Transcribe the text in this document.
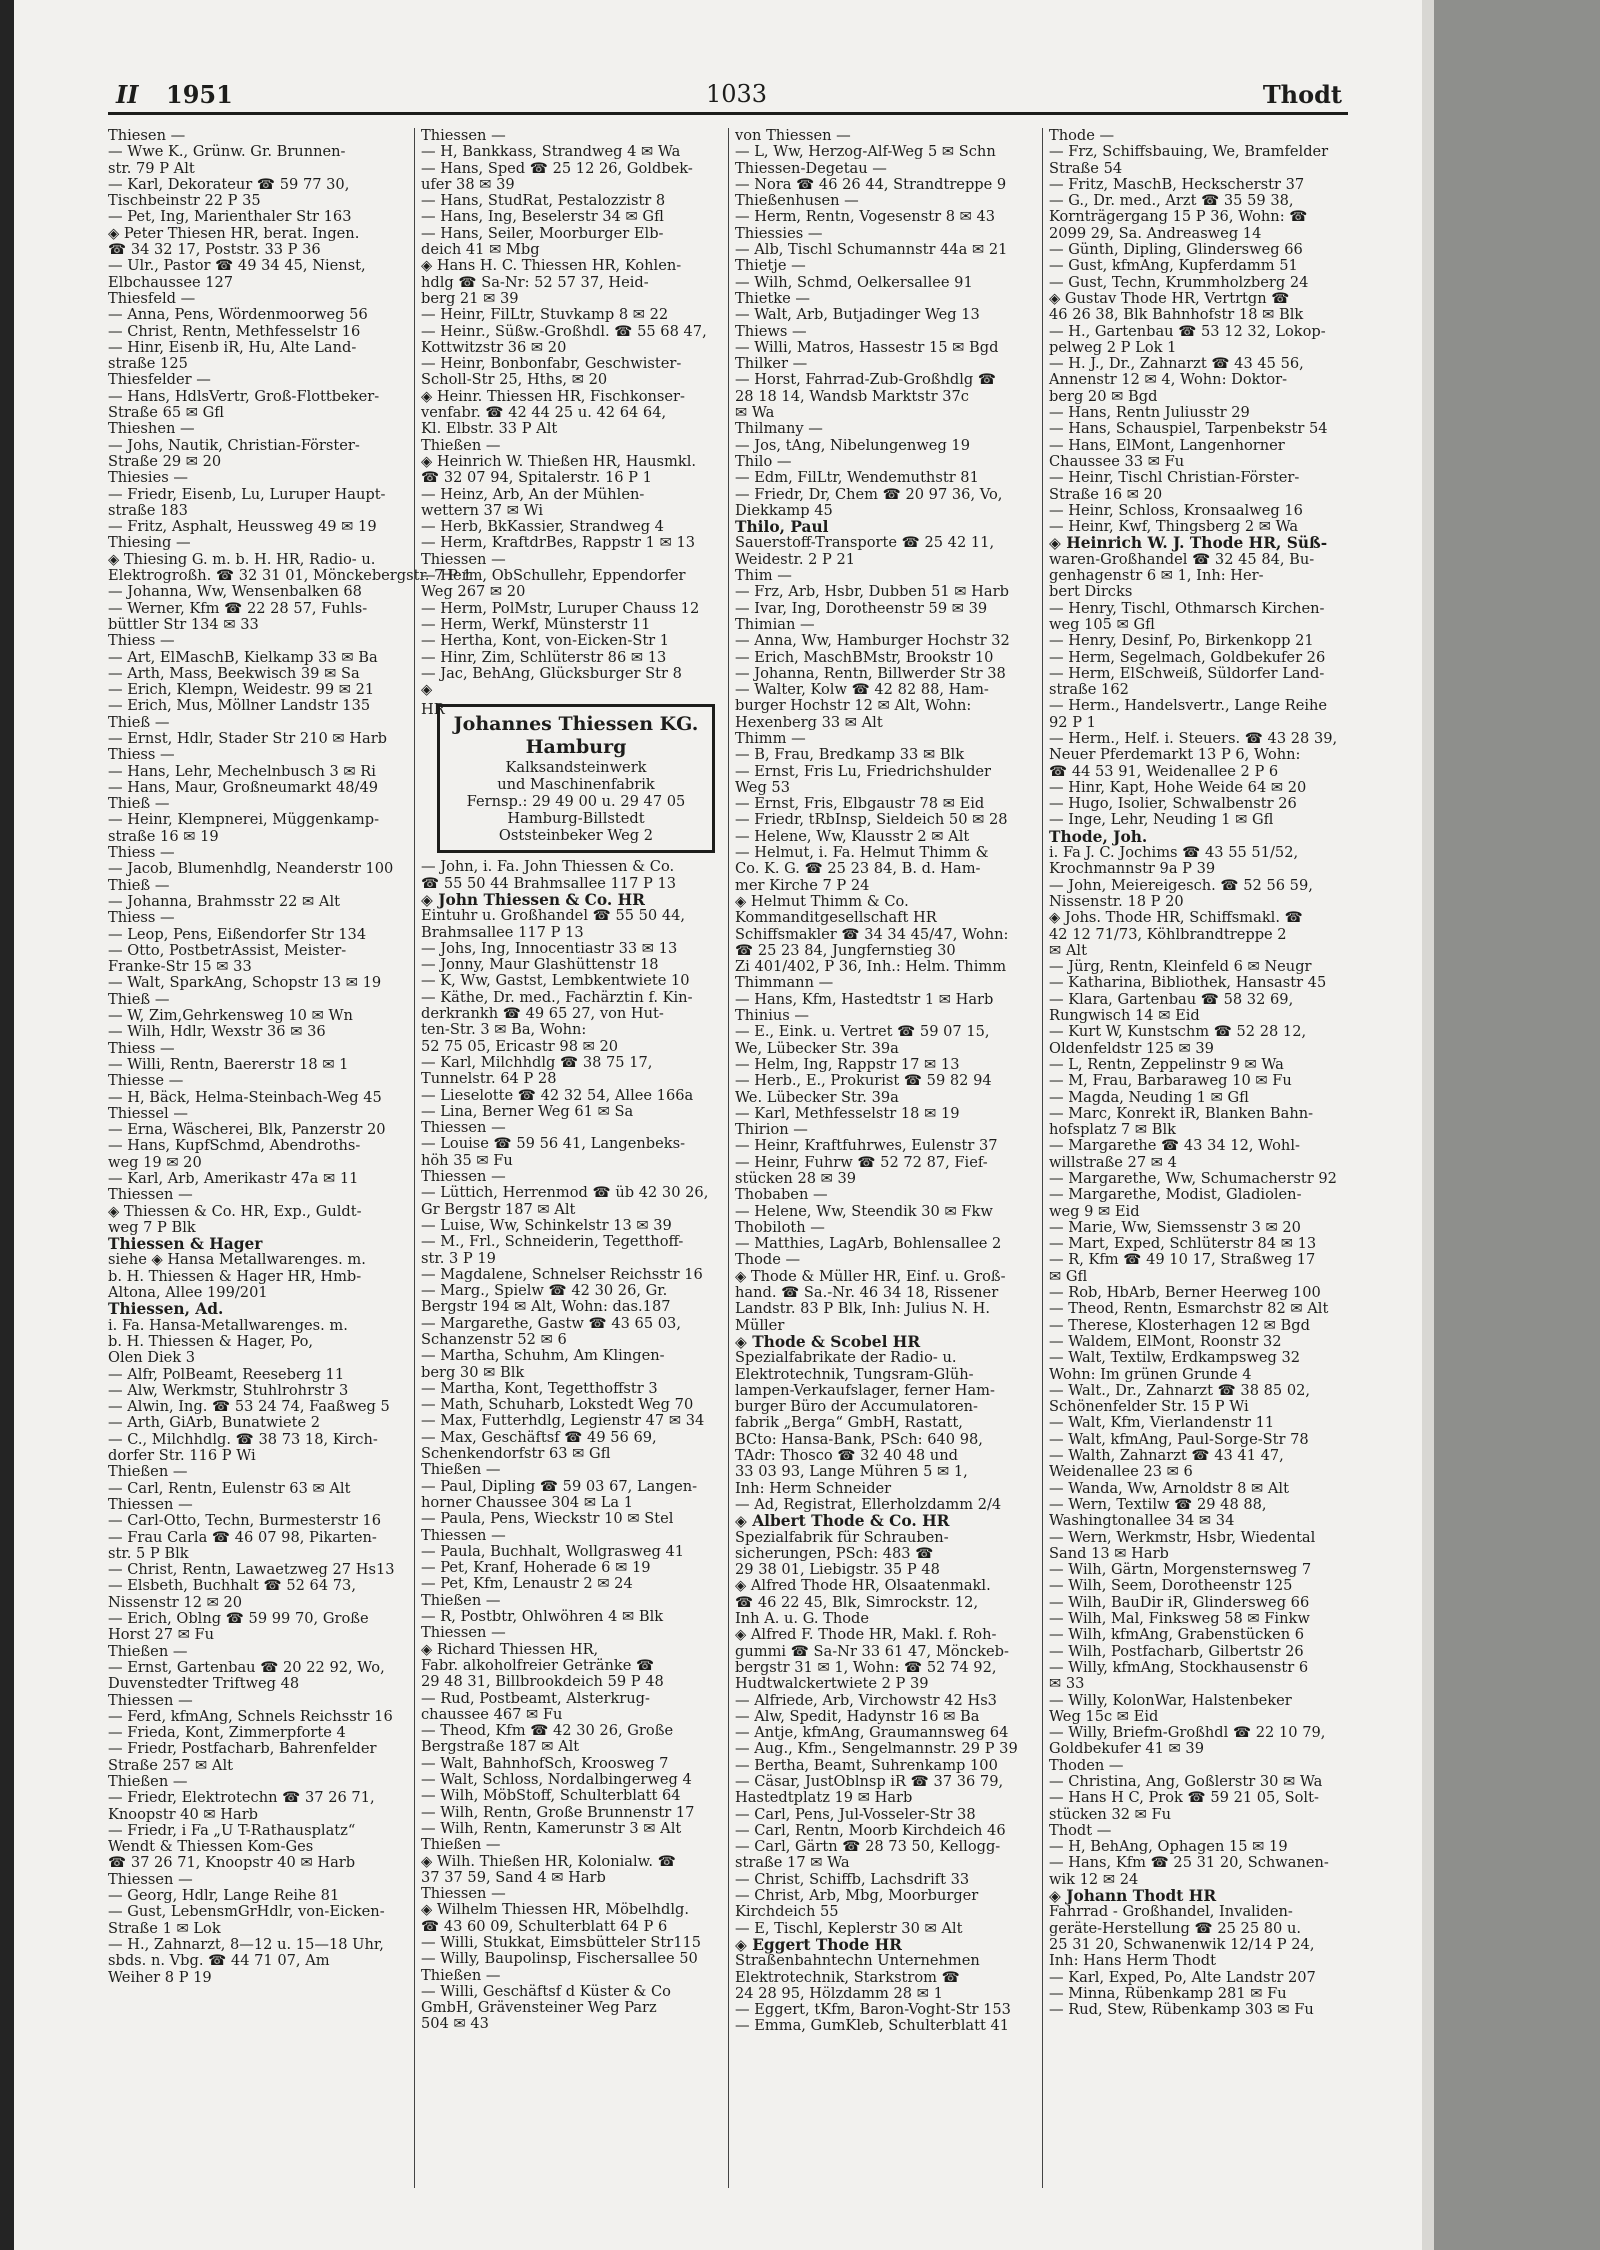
II 1951	1033	Thodt
Thiesen —
— Wwe K., Grünw. Gr. Brunnen-
str. 79 P Alt
— Karl, Dekorateur ☎ 59 77 30,
Tischbeinstr 22 P 35
— Pet, Ing, Marienthaler Str 163
◈ Peter Thiesen HR, berat. Ingen.
☎ 34 32 17, Poststr. 33 P 36
— Ulr., Pastor ☎ 49 34 45, Nienst,
Elbchaussee 127
Thiesfeld —
— Anna, Pens, Wördenmoorweg 56
— Christ, Rentn, Methfesselstr 16
— Hinr, Eisenb iR, Hu, Alte Land-
straße 125
Thiesfelder —
— Hans, HdlsVertr, Groß-Flottbeker-
Straße 65 ✉ Gfl
Thieshen —
— Johs, Nautik, Christian-Förster-
Straße 29 ✉ 20
Thiesies —
— Friedr, Eisenb, Lu, Luruper Haupt-
straße 183
— Fritz, Asphalt, Heussweg 49 ✉ 19
Thiesing —
◈ Thiesing G. m. b. H. HR, Radio- u.
Elektrogroßh. ☎ 32 31 01, Mönckebergstr. 7 P 1
— Johanna, Ww, Wensenbalken 68
— Werner, Kfm ☎ 22 28 57, Fuhls-
büttler Str 134 ✉ 33
Thiess —
— Art, ElMaschB, Kielkamp 33 ✉ Ba
— Arth, Mass, Beekwisch 39 ✉ Sa
— Erich, Klempn, Weidestr. 99 ✉ 21
— Erich, Mus, Möllner Landstr 135
Thieß —
— Ernst, Hdlr, Stader Str 210 ✉ Harb
Thiess —
— Hans, Lehr, Mechelnbusch 3 ✉ Ri
— Hans, Maur, Großneumarkt 48/49
Thieß —
— Heinr, Klempnerei, Müggenkamp-
straße 16 ✉ 19
Thiess —
— Jacob, Blumenhdlg, Neanderstr 100
Thieß —
— Johanna, Brahmsstr 22 ✉ Alt
Thiess —
— Leop, Pens, Eißendorfer Str 134
— Otto, PostbetrAssist, Meister-
Franke-Str 15 ✉ 33
— Walt, SparkAng, Schopstr 13 ✉ 19
Thieß —
— W, Zim,Gehrkensweg 10 ✉ Wn
— Wilh, Hdlr, Wexstr 36 ✉ 36
Thiess —
— Willi, Rentn, Baererstr 18 ✉ 1
Thiesse —
— H, Bäck, Helma-Steinbach-Weg 45
Thiessel —
— Erna, Wäscherei, Blk, Panzerstr 20
— Hans, KupfSchmd, Abendroths-
weg 19 ✉ 20
— Karl, Arb, Amerikastr 47a ✉ 11
Thiessen —
◈ Thiessen & Co. HR, Exp., Guldt-
weg 7 P Blk
Thiessen & Hager
siehe ◈ Hansa Metallwarenges. m.
b. H. Thiessen & Hager HR, Hmb-
Altona, Allee 199/201
Thiessen, Ad.
i. Fa. Hansa-Metallwarenges. m.
b. H. Thiessen & Hager, Po,
Olen Diek 3
— Alfr, PolBeamt, Reeseberg 11
— Alw, Werkmstr, Stuhlrohrstr 3
— Alwin, Ing. ☎ 53 24 74, Faaßweg 5
— Arth, GiArb, Bunatwiete 2
— C., Milchhdlg. ☎ 38 73 18, Kirch-
dorfer Str. 116 P Wi
Thießen —
— Carl, Rentn, Eulenstr 63 ✉ Alt
Thiessen —
— Carl-Otto, Techn, Burmesterstr 16
— Frau Carla ☎ 46 07 98, Pikarten-
str. 5 P Blk
— Christ, Rentn, Lawaetzweg 27 Hs13
— Elsbeth, Buchhalt ☎ 52 64 73,
Nissenstr 12 ✉ 20
— Erich, Oblng ☎ 59 99 70, Große
Horst 27 ✉ Fu
Thießen —
— Ernst, Gartenbau ☎ 20 22 92, Wo,
Duvenstedter Triftweg 48
Thiessen —
— Ferd, kfmAng, Schnels Reichsstr 16
— Frieda, Kont, Zimmerpforte 4
— Friedr, Postfacharb, Bahrenfelder
Straße 257 ✉ Alt
Thießen —
— Friedr, Elektrotechn ☎ 37 26 71,
Knoopstr 40 ✉ Harb
— Friedr, i Fa „U T-Rathausplatz“
Wendt & Thiessen Kom-Ges
☎ 37 26 71, Knoopstr 40 ✉ Harb
Thiessen —
— Georg, Hdlr, Lange Reihe 81
— Gust, LebensmGrHdlr, von-Eicken-
Straße 1 ✉ Lok
— H., Zahnarzt, 8—12 u. 15—18 Uhr,
sbds. n. Vbg. ☎ 44 71 07, Am
Weiher 8 P 19
Thiessen —
— H, Bankkass, Strandweg 4 ✉ Wa
— Hans, Sped ☎ 25 12 26, Goldbek-
ufer 38 ✉ 39
— Hans, StudRat, Pestalozzistr 8
— Hans, Ing, Beselerstr 34 ✉ Gfl
— Hans, Seiler, Moorburger Elb-
deich 41 ✉ Mbg
◈ Hans H. C. Thiessen HR, Kohlen-
hdlg ☎ Sa-Nr: 52 57 37, Heid-
berg 21 ✉ 39
— Heinr, FilLtr, Stuvkamp 8 ✉ 22
— Heinr., Süßw.-Großhdl. ☎ 55 68 47,
Kottwitzstr 36 ✉ 20
— Heinr, Bonbonfabr, Geschwister-
Scholl-Str 25, Hths, ✉ 20
◈ Heinr. Thiessen HR, Fischkonser-
venfabr. ☎ 42 44 25 u. 42 64 64,
Kl. Elbstr. 33 P Alt
Thießen —
◈ Heinrich W. Thießen HR, Hausmkl.
☎ 32 07 94, Spitalerstr. 16 P 1
— Heinz, Arb, An der Mühlen-
wettern 37 ✉ Wi
— Herb, BkKassier, Strandweg 4
— Herm, KraftdrBes, Rappstr 1 ✉ 13
Thiessen —
— Herm, ObSchullehr, Eppendorfer
Weg 267 ✉ 20
— Herm, PolMstr, Luruper Chauss 12
— Herm, Werkf, Münsterstr 11
— Hertha, Kont, von-Eicken-Str 1
— Hinr, Zim, Schlüterstr 86 ✉ 13
— Jac, BehAng, Glücksburger Str 8
◈
HR
Johannes Thiessen KG.
Hamburg
Kalksandsteinwerk
und Maschinenfabrik
Fernsp.: 29 49 00 u. 29 47 05
Hamburg-Billstedt
Oststeinbeker Weg 2
— John, i. Fa. John Thiessen & Co.
☎ 55 50 44 Brahmsallee 117 P 13
◈ John Thiessen & Co. HR
Eintuhr u. Großhandel ☎ 55 50 44,
Brahmsallee 117 P 13
— Johs, Ing, Innocentiastr 33 ✉ 13
— Jonny, Maur Glashüttenstr 18
— K, Ww, Gastst, Lembkentwiete 10
— Käthe, Dr. med., Fachärztin f. Kin-
derkrankh ☎ 49 65 27, von Hut-
ten-Str. 3 ✉ Ba, Wohn:
52 75 05, Ericastr 98 ✉ 20
— Karl, Milchhdlg ☎ 38 75 17,
Tunnelstr. 64 P 28
— Lieselotte ☎ 42 32 54, Allee 166a
— Lina, Berner Weg 61 ✉ Sa
Thiessen —
— Louise ☎ 59 56 41, Langenbeks-
höh 35 ✉ Fu
Thiessen —
— Lüttich, Herrenmod ☎ üb 42 30 26,
Gr Bergstr 187 ✉ Alt
— Luise, Ww, Schinkelstr 13 ✉ 39
— M., Frl., Schneiderin, Tegetthoff-
str. 3 P 19
— Magdalene, Schnelser Reichsstr 16
— Marg., Spielw ☎ 42 30 26, Gr.
Bergstr 194 ✉ Alt, Wohn: das.187
— Margarethe, Gastw ☎ 43 65 03,
Schanzenstr 52 ✉ 6
— Martha, Schuhm, Am Klingen-
berg 30 ✉ Blk
— Martha, Kont, Tegetthoffstr 3
— Math, Schuharb, Lokstedt Weg 70
— Max, Futterhdlg, Legienstr 47 ✉ 34
— Max, Geschäftsf ☎ 49 56 69,
Schenkendorfstr 63 ✉ Gfl
Thießen —
— Paul, Dipling ☎ 59 03 67, Langen-
horner Chaussee 304 ✉ La 1
— Paula, Pens, Wieckstr 10 ✉ Stel
Thiessen —
— Paula, Buchhalt, Wollgrasweg 41
— Pet, Kranf, Hoherade 6 ✉ 19
— Pet, Kfm, Lenaustr 2 ✉ 24
Thießen —
— R, Postbtr, Ohlwöhren 4 ✉ Blk
Thiessen —
◈ Richard Thiessen HR,
Fabr. alkoholfreier Getränke ☎
29 48 31, Billbrookdeich 59 P 48
— Rud, Postbeamt, Alsterkrug-
chaussee 467 ✉ Fu
— Theod, Kfm ☎ 42 30 26, Große
Bergstraße 187 ✉ Alt
— Walt, BahnhofSch, Kroosweg 7
— Walt, Schloss, Nordalbingerweg 4
— Wilh, MöbStoff, Schulterblatt 64
— Wilh, Rentn, Große Brunnenstr 17
— Wilh, Rentn, Kamerunstr 3 ✉ Alt
Thießen —
◈ Wilh. Thießen HR, Kolonialw. ☎
37 37 59, Sand 4 ✉ Harb
Thiessen —
◈ Wilhelm Thiessen HR, Möbelhdlg.
☎ 43 60 09, Schulterblatt 64 P 6
— Willi, Stukkat, Eimsbütteler Str115
— Willy, Baupolinsp, Fischersallee 50
Thießen —
— Willi, Geschäftsf d Küster & Co
GmbH, Grävensteiner Weg Parz
504 ✉ 43
von Thiessen —
— L, Ww, Herzog-Alf-Weg 5 ✉ Schn
Thiessen-Degetau —
— Nora ☎ 46 26 44, Strandtreppe 9
Thießenhusen —
— Herm, Rentn, Vogesenstr 8 ✉ 43
Thiessies —
— Alb, Tischl Schumannstr 44a ✉ 21
Thietje —
— Wilh, Schmd, Oelkersallee 91
Thietke —
— Walt, Arb, Butjadinger Weg 13
Thiews —
— Willi, Matros, Hassestr 15 ✉ Bgd
Thilker —
— Horst, Fahrrad-Zub-Großhdlg ☎
28 18 14, Wandsb Marktstr 37c
✉ Wa
Thilmany —
— Jos, tAng, Nibelungenweg 19
Thilo —
— Edm, FilLtr, Wendemuthstr 81
— Friedr, Dr, Chem ☎ 20 97 36, Vo,
Diekkamp 45
Thilo, Paul
Sauerstoff-Transporte ☎ 25 42 11,
Weidestr. 2 P 21
Thim —
— Frz, Arb, Hsbr, Dubben 51 ✉ Harb
— Ivar, Ing, Dorotheenstr 59 ✉ 39
Thimian —
— Anna, Ww, Hamburger Hochstr 32
— Erich, MaschBMstr, Brookstr 10
— Johanna, Rentn, Billwerder Str 38
— Walter, Kolw ☎ 42 82 88, Ham-
burger Hochstr 12 ✉ Alt, Wohn:
Hexenberg 33 ✉ Alt
Thimm —
— B, Frau, Bredkamp 33 ✉ Blk
— Ernst, Fris Lu, Friedrichshulder
Weg 53
— Ernst, Fris, Elbgaustr 78 ✉ Eid
— Friedr, tRbInsp, Sieldeich 50 ✉ 28
— Helene, Ww, Klausstr 2 ✉ Alt
— Helmut, i. Fa. Helmut Thimm &
Co. K. G. ☎ 25 23 84, B. d. Ham-
mer Kirche 7 P 24
◈ Helmut Thimm & Co.
Kommanditgesellschaft HR
Schiffsmakler ☎ 34 34 45/47, Wohn:
☎ 25 23 84, Jungfernstieg 30
Zi 401/402, P 36, Inh.: Helm. Thimm
Thimmann —
— Hans, Kfm, Hastedtstr 1 ✉ Harb
Thinius —
— E., Eink. u. Vertret ☎ 59 07 15,
We, Lübecker Str. 39a
— Helm, Ing, Rappstr 17 ✉ 13
— Herb., E., Prokurist ☎ 59 82 94
We. Lübecker Str. 39a
— Karl, Methfesselstr 18 ✉ 19
Thirion —
— Heinr, Kraftfuhrwes, Eulenstr 37
— Heinr, Fuhrw ☎ 52 72 87, Fief-
stücken 28 ✉ 39
Thobaben —
— Helene, Ww, Steendik 30 ✉ Fkw
Thobiloth —
— Matthies, LagArb, Bohlensallee 2
Thode —
◈ Thode & Müller HR, Einf. u. Groß-
hand. ☎ Sa.-Nr. 46 34 18, Rissener
Landstr. 83 P Blk, Inh: Julius N. H.
Müller
◈ Thode & Scobel HR
Spezialfabrikate der Radio- u.
Elektrotechnik, Tungsram-Glüh-
lampen-Verkaufslager, ferner Ham-
burger Büro der Accumulatoren-
fabrik „Berga“ GmbH, Rastatt,
BCto: Hansa-Bank, PSch: 640 98,
TAdr: Thosco ☎ 32 40 48 und
33 03 93, Lange Mühren 5 ✉ 1,
Inh: Herm Schneider
— Ad, Registrat, Ellerholzdamm 2/4
◈ Albert Thode & Co. HR
Spezialfabrik für Schrauben-
sicherungen, PSch: 483 ☎
29 38 01, Liebigstr. 35 P 48
◈ Alfred Thode HR, Olsaatenmakl.
☎ 46 22 45, Blk, Simrockstr. 12,
Inh A. u. G. Thode
◈ Alfred F. Thode HR, Makl. f. Roh-
gummi ☎ Sa-Nr 33 61 47, Mönckeb-
bergstr 31 ✉ 1, Wohn: ☎ 52 74 92,
Hudtwalckertwiete 2 P 39
— Alfriede, Arb, Virchowstr 42 Hs3
— Alw, Spedit, Hadynstr 16 ✉ Ba
— Antje, kfmAng, Graumannsweg 64
— Aug., Kfm., Sengelmannstr. 29 P 39
— Bertha, Beamt, Suhrenkamp 100
— Cäsar, JustOblnsp iR ☎ 37 36 79,
Hastedtplatz 19 ✉ Harb
— Carl, Pens, Jul-Vosseler-Str 38
— Carl, Rentn, Moorb Kirchdeich 46
— Carl, Gärtn ☎ 28 73 50, Kellogg-
straße 17 ✉ Wa
— Christ, Schiffb, Lachsdrift 33
— Christ, Arb, Mbg, Moorburger
Kirchdeich 55
— E, Tischl, Keplerstr 30 ✉ Alt
◈ Eggert Thode HR
Straßenbahntechn Unternehmen
Elektrotechnik, Starkstrom ☎
24 28 95, Hölzdamm 28 ✉ 1
— Eggert, tKfm, Baron-Voght-Str 153
— Emma, GumKleb, Schulterblatt 41
Thode —
— Frz, Schiffsbauing, We, Bramfelder
Straße 54
— Fritz, MaschB, Heckscherstr 37
— G., Dr. med., Arzt ☎ 35 59 38,
Kornträgergang 15 P 36, Wohn: ☎
2099 29, Sa. Andreasweg 14
— Günth, Dipling, Glindersweg 66
— Gust, kfmAng, Kupferdamm 51
— Gust, Techn, Krummholzberg 24
◈ Gustav Thode HR, Vertrtgn ☎
46 26 38, Blk Bahnhofstr 18 ✉ Blk
— H., Gartenbau ☎ 53 12 32, Lokop-
pelweg 2 P Lok 1
— H. J., Dr., Zahnarzt ☎ 43 45 56,
Annenstr 12 ✉ 4, Wohn: Doktor-
berg 20 ✉ Bgd
— Hans, Rentn Juliusstr 29
— Hans, Schauspiel, Tarpenbekstr 54
— Hans, ElMont, Langenhorner
Chaussee 33 ✉ Fu
— Heinr, Tischl Christian-Förster-
Straße 16 ✉ 20
— Heinr, Schloss, Kronsaalweg 16
— Heinr, Kwf, Thingsberg 2 ✉ Wa
◈ Heinrich W. J. Thode HR, Süß-
waren-Großhandel ☎ 32 45 84, Bu-
genhagenstr 6 ✉ 1, Inh: Her-
bert Dircks
— Henry, Tischl, Othmarsch Kirchen-
weg 105 ✉ Gfl
— Henry, Desinf, Po, Birkenkopp 21
— Herm, Segelmach, Goldbekufer 26
— Herm, ElSchweiß, Süldorfer Land-
straße 162
— Herm., Handelsvertr., Lange Reihe
92 P 1
— Herm., Helf. i. Steuers. ☎ 43 28 39,
Neuer Pferdemarkt 13 P 6, Wohn:
☎ 44 53 91, Weidenallee 2 P 6
— Hinr, Kapt, Hohe Weide 64 ✉ 20
— Hugo, Isolier, Schwalbenstr 26
— Inge, Lehr, Neuding 1 ✉ Gfl
Thode, Joh.
i. Fa J. C. Jochims ☎ 43 55 51/52,
Krochmannstr 9a P 39
— John, Meiereigesch. ☎ 52 56 59,
Nissenstr. 18 P 20
◈ Johs. Thode HR, Schiffsmakl. ☎
42 12 71/73, Köhlbrandtreppe 2
✉ Alt
— Jürg, Rentn, Kleinfeld 6 ✉ Neugr
— Katharina, Bibliothek, Hansastr 45
— Klara, Gartenbau ☎ 58 32 69,
Rungwisch 14 ✉ Eid
— Kurt W, Kunstschm ☎ 52 28 12,
Oldenfeldstr 125 ✉ 39
— L, Rentn, Zeppelinstr 9 ✉ Wa
— M, Frau, Barbaraweg 10 ✉ Fu
— Magda, Neuding 1 ✉ Gfl
— Marc, Konrekt iR, Blanken Bahn-
hofsplatz 7 ✉ Blk
— Margarethe ☎ 43 34 12, Wohl-
willstraße 27 ✉ 4
— Margarethe, Ww, Schumacherstr 92
— Margarethe, Modist, Gladiolen-
weg 9 ✉ Eid
— Marie, Ww, Siemssenstr 3 ✉ 20
— Mart, Exped, Schlüterstr 84 ✉ 13
— R, Kfm ☎ 49 10 17, Straßweg 17
✉ Gfl
— Rob, HbArb, Berner Heerweg 100
— Theod, Rentn, Esmarchstr 82 ✉ Alt
— Therese, Klosterhagen 12 ✉ Bgd
— Waldem, ElMont, Roonstr 32
— Walt, Textilw, Erdkampsweg 32
Wohn: Im grünen Grunde 4
— Walt., Dr., Zahnarzt ☎ 38 85 02,
Schönenfelder Str. 15 P Wi
— Walt, Kfm, Vierlandenstr 11
— Walt, kfmAng, Paul-Sorge-Str 78
— Walth, Zahnarzt ☎ 43 41 47,
Weidenallee 23 ✉ 6
— Wanda, Ww, Arnoldstr 8 ✉ Alt
— Wern, Textilw ☎ 29 48 88,
Washingtonallee 34 ✉ 34
— Wern, Werkmstr, Hsbr, Wiedental
Sand 13 ✉ Harb
— Wilh, Gärtn, Morgensternsweg 7
— Wilh, Seem, Dorotheenstr 125
— Wilh, BauDir iR, Glindersweg 66
— Wilh, Mal, Finksweg 58 ✉ Finkw
— Wilh, kfmAng, Grabenstücken 6
— Wilh, Postfacharb, Gilbertstr 26
— Willy, kfmAng, Stockhausenstr 6
✉ 33
— Willy, KolonWar, Halstenbeker
Weg 15c ✉ Eid
— Willy, Briefm-Großhdl ☎ 22 10 79,
Goldbekufer 41 ✉ 39
Thoden —
— Christina, Ang, Goßlerstr 30 ✉ Wa
— Hans H C, Prok ☎ 59 21 05, Solt-
stücken 32 ✉ Fu
Thodt —
— H, BehAng, Ophagen 15 ✉ 19
— Hans, Kfm ☎ 25 31 20, Schwanen-
wik 12 ✉ 24
◈ Johann Thodt HR
Fahrrad - Großhandel, Invaliden-
geräte-Herstellung ☎ 25 25 80 u.
25 31 20, Schwanenwik 12/14 P 24,
Inh: Hans Herm Thodt
— Karl, Exped, Po, Alte Landstr 207
— Minna, Rübenkamp 281 ✉ Fu
— Rud, Stew, Rübenkamp 303 ✉ Fu
